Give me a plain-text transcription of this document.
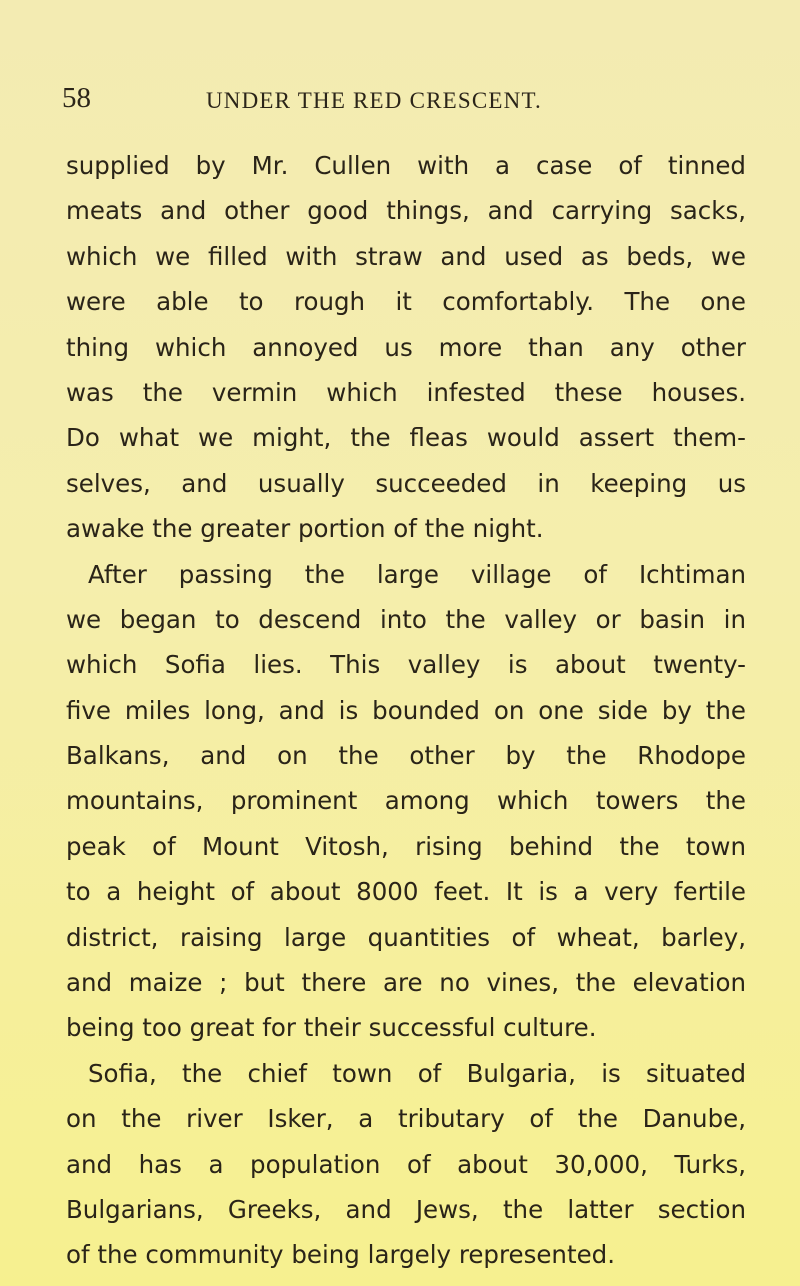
58	UNDER THE RED CRESCENT.
supplied by Mr. Cullen with a case of tinned
meats and other good things, and carrying sacks,
which we filled with straw and used as beds, we
were able to rough it comfortably. The one
thing which annoyed us more than any other
was the vermin which infested these houses.
Do what we might, the fleas would assert them-
selves, and usually succeeded in keeping us
awake the greater portion of the night.
After passing the large village of Ichtiman
we began to descend into the valley or basin in
which Sofia lies. This valley is about twenty-
five miles long, and is bounded on one side by the
Balkans, and on the other by the Rhodope
mountains, prominent among which towers the
peak of Mount Vitosh, rising behind the town
to a height of about 8000 feet. It is a very fertile
district, raising large quantities of wheat, barley,
and maize ; but there are no vines, the elevation
being too great for their successful culture.
Sofia, the chief town of Bulgaria, is situated
on the river Isker, a tributary of the Danube,
and has a population of about 30,000, Turks,
Bulgarians, Greeks, and Jews, the latter section
of the community being largely represented.
